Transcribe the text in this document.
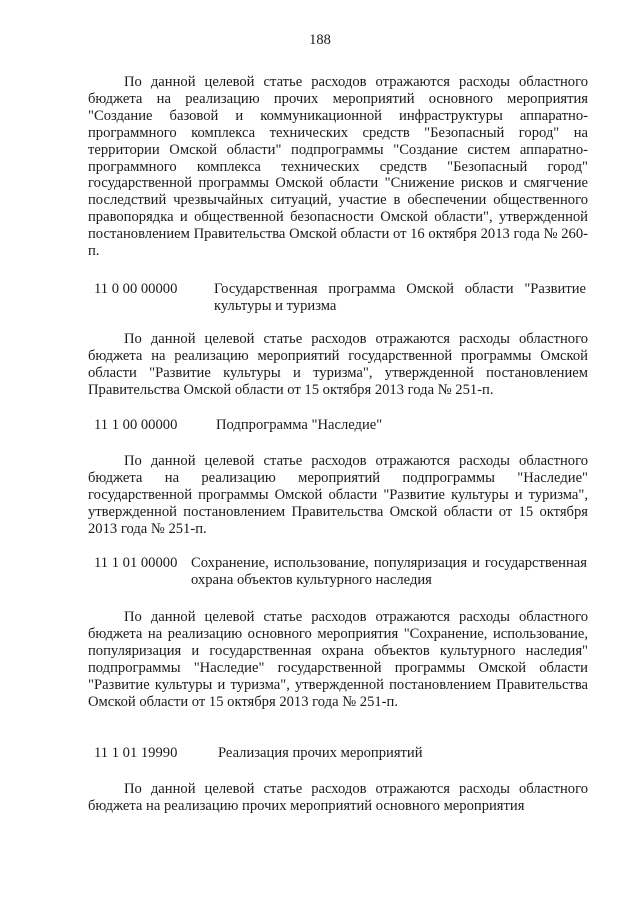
188

По данной целевой статье расходов отражаются расходы областного бюджета на реализацию прочих мероприятий основного мероприятия "Создание базовой и коммуникационной инфраструктуры аппаратно-программного комплекса технических средств "Безопасный город" на территории Омской области" подпрограммы "Создание систем аппаратно-программного комплекса технических средств "Безопасный город" государственной программы Омской области "Снижение рисков и смягчение последствий чрезвычайных ситуаций, участие в обеспечении общественного правопорядка и общественной безопасности Омской области", утвержденной постановлением Правительства Омской области от 16 октября 2013 года № 260-п.

11 0 00 00000	Государственная программа Омской области "Развитие культуры и туризма

По данной целевой статье расходов отражаются расходы областного бюджета на реализацию мероприятий государственной программы Омской области "Развитие культуры и туризма", утвержденной постановлением Правительства Омской области от 15 октября 2013 года № 251-п.

11 1 00 00000	Подпрограмма "Наследие"

По данной целевой статье расходов отражаются расходы областного бюджета на реализацию мероприятий подпрограммы "Наследие" государственной программы Омской области "Развитие культуры и туризма", утвержденной постановлением Правительства Омской области от 15 октября 2013 года № 251-п.

11 1 01 00000 Сохранение, использование, популяризация и государственная охрана объектов культурного наследия

По данной целевой статье расходов отражаются расходы областного бюджета на реализацию основного мероприятия "Сохранение, использование, популяризация и государственная охрана объектов культурного наследия" подпрограммы "Наследие" государственной программы Омской области "Развитие культуры и туризма", утвержденной постановлением Правительства Омской области от 15 октября 2013 года № 251-п.

11 1 01 19990	Реализация прочих мероприятий

По данной целевой статье расходов отражаются расходы областного бюджета на реализацию прочих мероприятий основного мероприятия
